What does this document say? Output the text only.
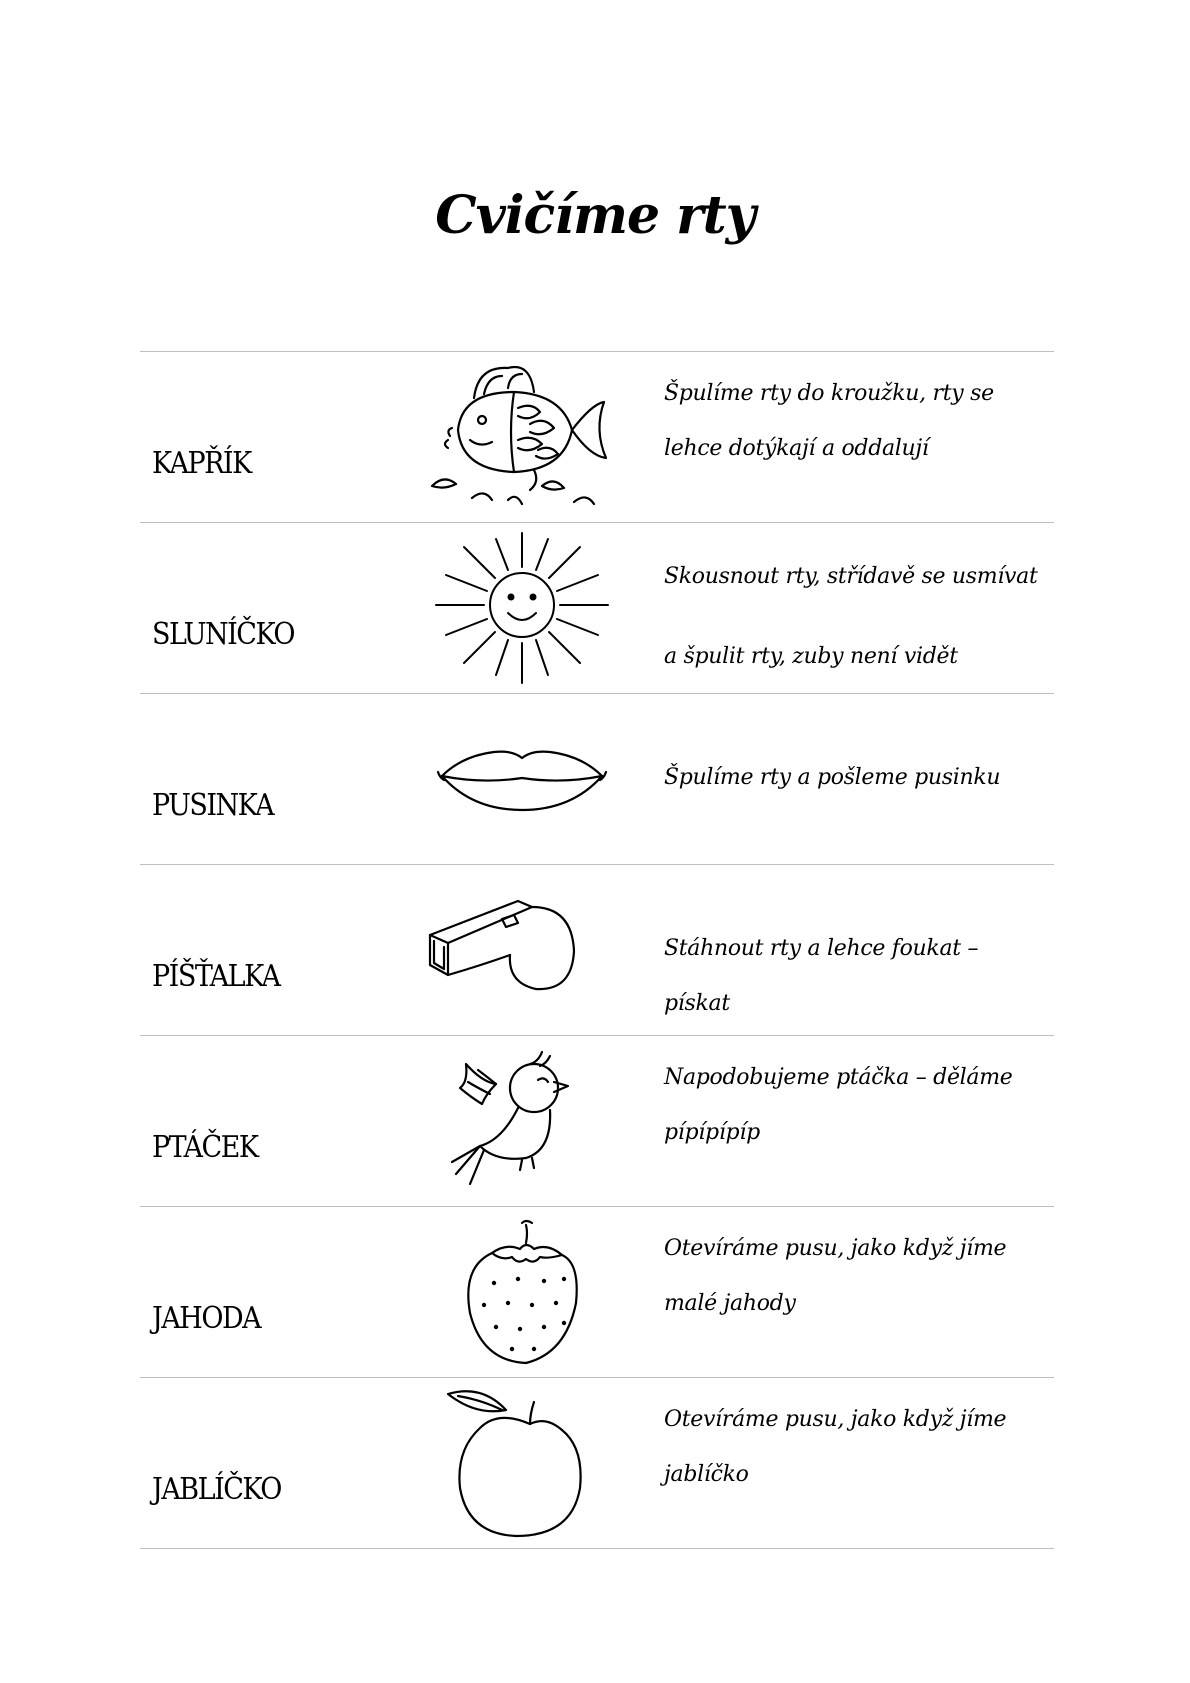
Cvičíme rty
KAPŘÍK
Špulíme rty do kroužku, rty se lehce dotýkají a oddalují
SLUNÍČKO
Skousnout rty, střídavě se usmívat a špulit rty, zuby není vidět
PUSINKA
Špulíme rty a pošleme pusinku
PÍŠŤALKA
Stáhnout rty a lehce foukat – pískat
PTÁČEK
Napodobujeme ptáčka – děláme pípípípíp
JAHODA
Otevíráme pusu, jako když jíme malé jahody
JABLÍČKO
Otevíráme pusu, jako když jíme jablíčko
